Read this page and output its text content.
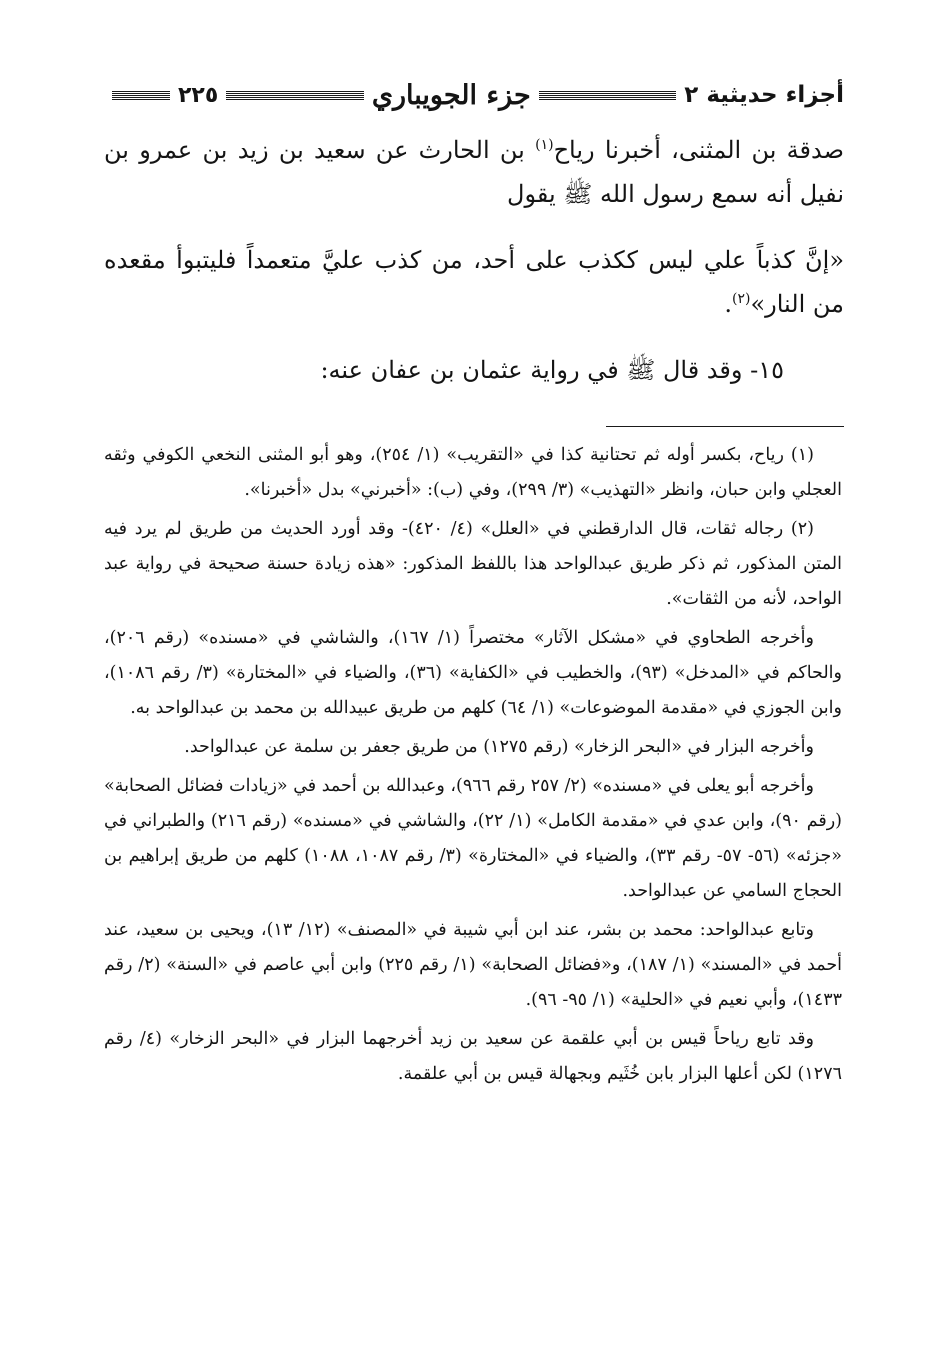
أجزاء حديثية ٢
جزء الجويباري
٢٢٥
صدقة بن المثنى، أخبرنا رياح$^{(١)}$ بن الحارث عن سعيد بن زيد بن عمرو بن نفيل أنه سمع رسول الله ﷺ يقول
«إنَّ كذباً علي ليس ككذب على أحد، من كذب عليَّ متعمداً فليتبوأ مقعده من النار»$^{(٢)}$.
١٥- وقد قال ﷺ في رواية عثمان بن عفان عنه:

(١) رياح، بكسر أوله ثم تحتانية كذا في «التقريب» (١/ ٢٥٤)، وهو أبو المثنى النخعي الكوفي وثقه العجلي وابن حبان، وانظر «التهذيب» (٣/ ٢٩٩)، وفي (ب): «أخبرني» بدل «أخبرنا».

(٢) رجاله ثقات، قال الدارقطني في «العلل» (٤/ ٤٢٠)- وقد أورد الحديث من طريق لم يرد فيه المتن المذكور، ثم ذكر طريق عبدالواحد هذا باللفظ المذكور: «هذه زيادة حسنة صحيحة في رواية عبد الواحد، لأنه من الثقات».

وأخرجه الطحاوي في «مشكل الآثار» مختصراً (١/ ١٦٧)، والشاشي في «مسنده» (رقم ٢٠٦)، والحاكم في «المدخل» (٩٣)، والخطيب في «الكفاية» (٣٦)، والضياء في «المختارة» (٣/ رقم ١٠٨٦)، وابن الجوزي في «مقدمة الموضوعات» (١/ ٦٤) كلهم من طريق عبيدالله بن محمد بن عبدالواحد به.

وأخرجه البزار في «البحر الزخار» (رقم ١٢٧٥) من طريق جعفر بن سلمة عن عبدالواحد.

وأخرجه أبو يعلى في «مسنده» (٢/ ٢٥٧ رقم ٩٦٦)، وعبدالله بن أحمد في «زيادات فضائل الصحابة» (رقم ٩٠)، وابن عدي في «مقدمة الكامل» (١/ ٢٢)، والشاشي في «مسنده» (رقم ٢١٦) والطبراني في «جزئه» (٥٦- ٥٧- رقم ٣٣)، والضياء في «المختارة» (٣/ رقم ١٠٨٧، ١٠٨٨) كلهم من طريق إبراهيم بن الحجاج السامي عن عبدالواحد.

وتابع عبدالواحد: محمد بن بشر، عند ابن أبي شيبة في «المصنف» (١٢/ ١٣)، ويحيى بن سعيد، عند أحمد في «المسند» (١/ ١٨٧)، و«فضائل الصحابة» (١/ رقم ٢٢٥) وابن أبي عاصم في «السنة» (٢/ رقم ١٤٣٣)، وأبي نعيم في «الحلية» (١/ ٩٥- ٩٦).

وقد تابع رياحاً قيس بن أبي علقمة عن سعيد بن زيد أخرجهما البزار في «البحر الزخار» (٤/ رقم ١٢٧٦) لكن أعلها البزار بابن خُثَيم وبجهالة قيس بن أبي علقمة.
